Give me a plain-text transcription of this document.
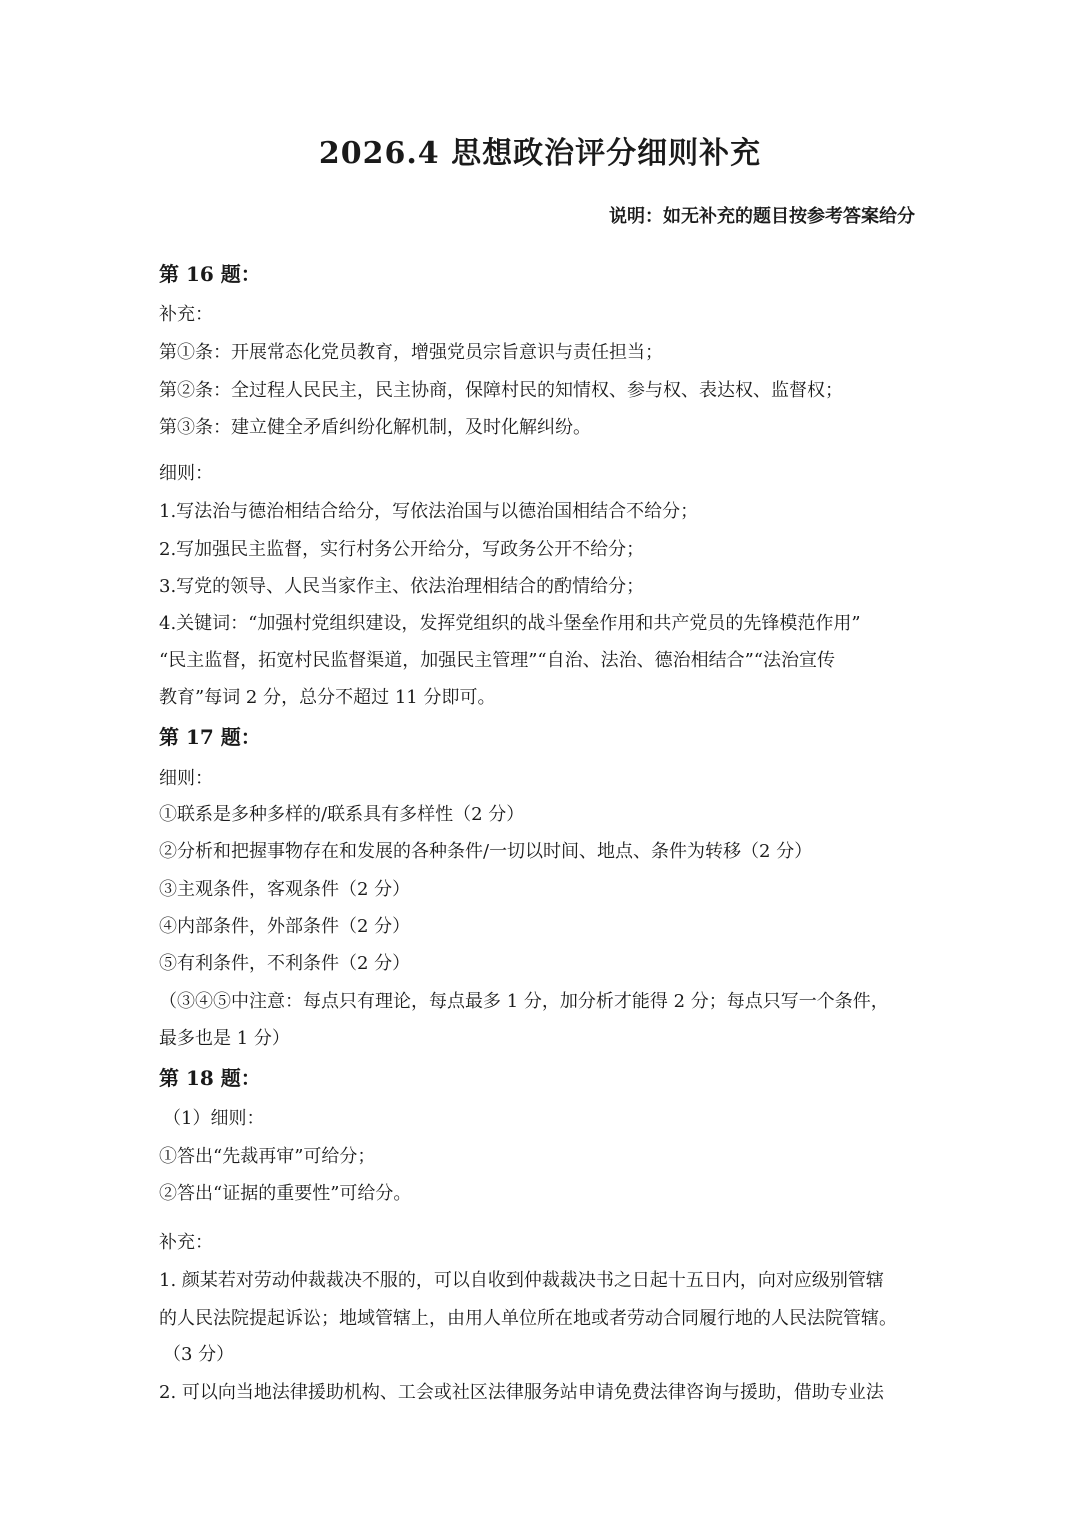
2026.4 思想政治评分细则补充
说明：如无补充的题目按参考答案给分
第 16 题：
补充：
第①条：开展常态化党员教育，增强党员宗旨意识与责任担当；
第②条：全过程人民民主，民主协商，保障村民的知情权、参与权、表达权、监督权；
第③条：建立健全矛盾纠纷化解机制，及时化解纠纷。
细则：
1.写法治与德治相结合给分，写依法治国与以德治国相结合不给分；
2.写加强民主监督，实行村务公开给分，写政务公开不给分；
3.写党的领导、人民当家作主、依法治理相结合的酌情给分；
4.关键词：“加强村党组织建设，发挥党组织的战斗堡垒作用和共产党员的先锋模范作用”
“民主监督，拓宽村民监督渠道，加强民主管理”“自治、法治、德治相结合”“法治宣传
教育”每词 2 分，总分不超过 11 分即可。
第 17 题：
细则：
①联系是多种多样的/联系具有多样性（2 分）
②分析和把握事物存在和发展的各种条件/一切以时间、地点、条件为转移（2 分）
③主观条件，客观条件（2 分）
④内部条件，外部条件（2 分）
⑤有利条件，不利条件（2 分）
（③④⑤中注意：每点只有理论，每点最多 1 分，加分析才能得 2 分；每点只写一个条件，
最多也是 1 分）
第 18 题：
（1）细则：
①答出“先裁再审”可给分；
②答出“证据的重要性”可给分。
补充：
1. 颜某若对劳动仲裁裁决不服的，可以自收到仲裁裁决书之日起十五日内，向对应级别管辖
的人民法院提起诉讼；地域管辖上，由用人单位所在地或者劳动合同履行地的人民法院管辖。
（3 分）
2. 可以向当地法律援助机构、工会或社区法律服务站申请免费法律咨询与援助，借助专业法
